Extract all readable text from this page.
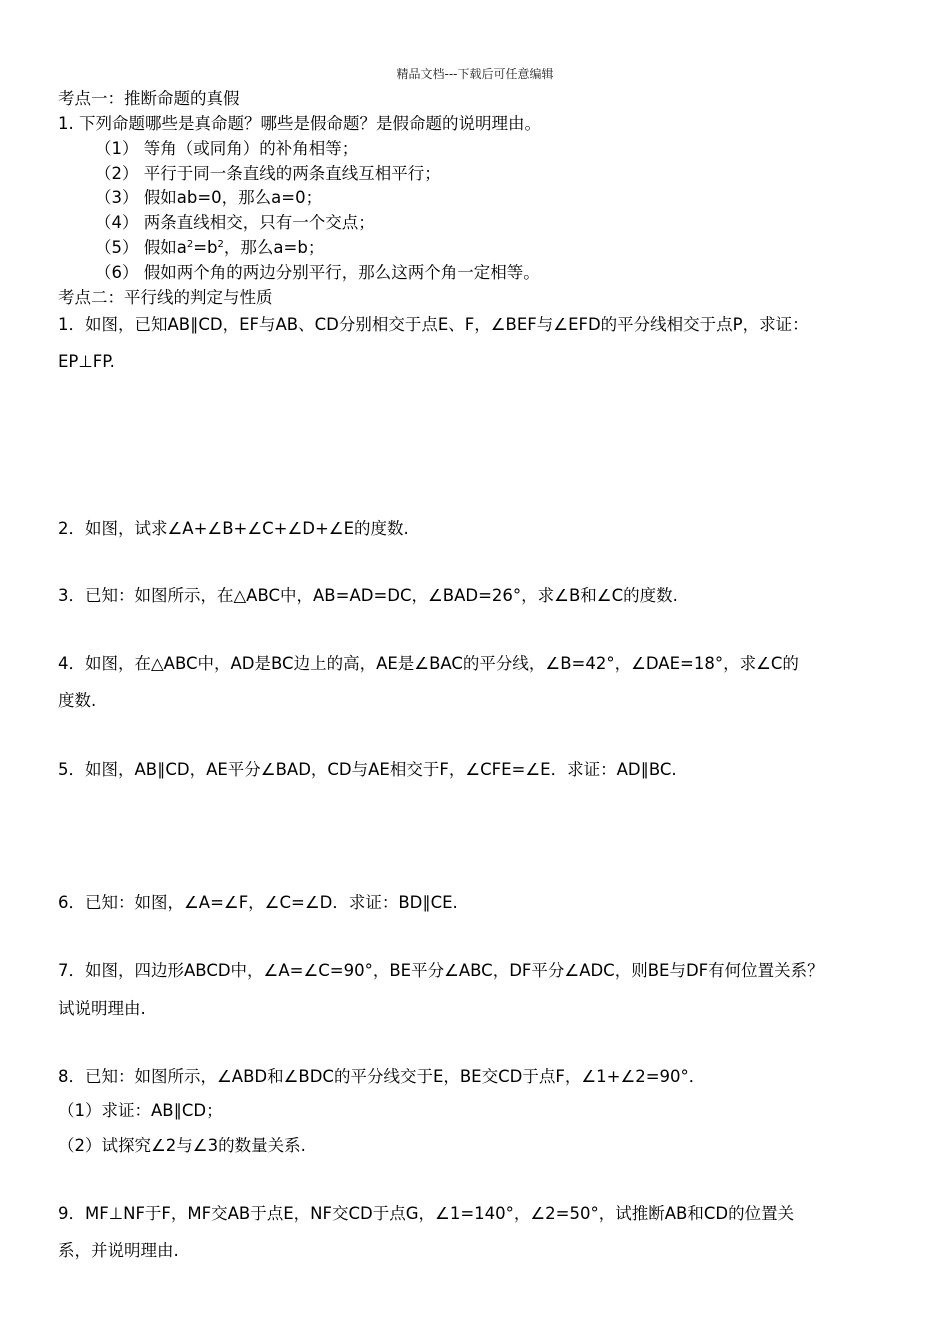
精品文档---下载后可任意编辑
考点一：推断命题的真假
1. 下列命题哪些是真命题？哪些是假命题？是假命题的说明理由。
（1） 等角（或同角）的补角相等；
（2） 平行于同一条直线的两条直线互相平行；
（3） 假如ab=0，那么a=0；
（4） 两条直线相交，只有一个交点；
（5） 假如$a^2=b^2$，那么a=b；
（6） 假如两个角的两边分别平行，那么这两个角一定相等。
考点二：平行线的判定与性质
1．如图，已知AB∥CD，EF与AB、CD分别相交于点E、F，∠BEF与∠EFD的平分线相交于点P，求证：
EP⊥FP.
2．如图，试求∠A+∠B+∠C+∠D+∠E的度数.
3．已知：如图所示，在△ABC中，AB=AD=DC，∠BAD=26°，求∠B和∠C的度数.
4．如图，在△ABC中，AD是BC边上的高，AE是∠BAC的平分线，∠B=42°，∠DAE=18°，求∠C的
度数.
5．如图，AB∥CD，AE平分∠BAD，CD与AE相交于F，∠CFE=∠E．求证：AD∥BC.
6．已知：如图，∠A=∠F，∠C=∠D．求证：BD∥CE.
7．如图，四边形ABCD中，∠A=∠C=90°，BE平分∠ABC，DF平分∠ADC，则BE与DF有何位置关系？
试说明理由.
8．已知：如图所示，∠ABD和∠BDC的平分线交于E，BE交CD于点F，∠1+∠2=90°．
（1）求证：AB∥CD；
（2）试探究∠2与∠3的数量关系.
9．MF⊥NF于F，MF交AB于点E，NF交CD于点G，∠1=140°，∠2=50°，试推断AB和CD的位置关
系，并说明理由.
